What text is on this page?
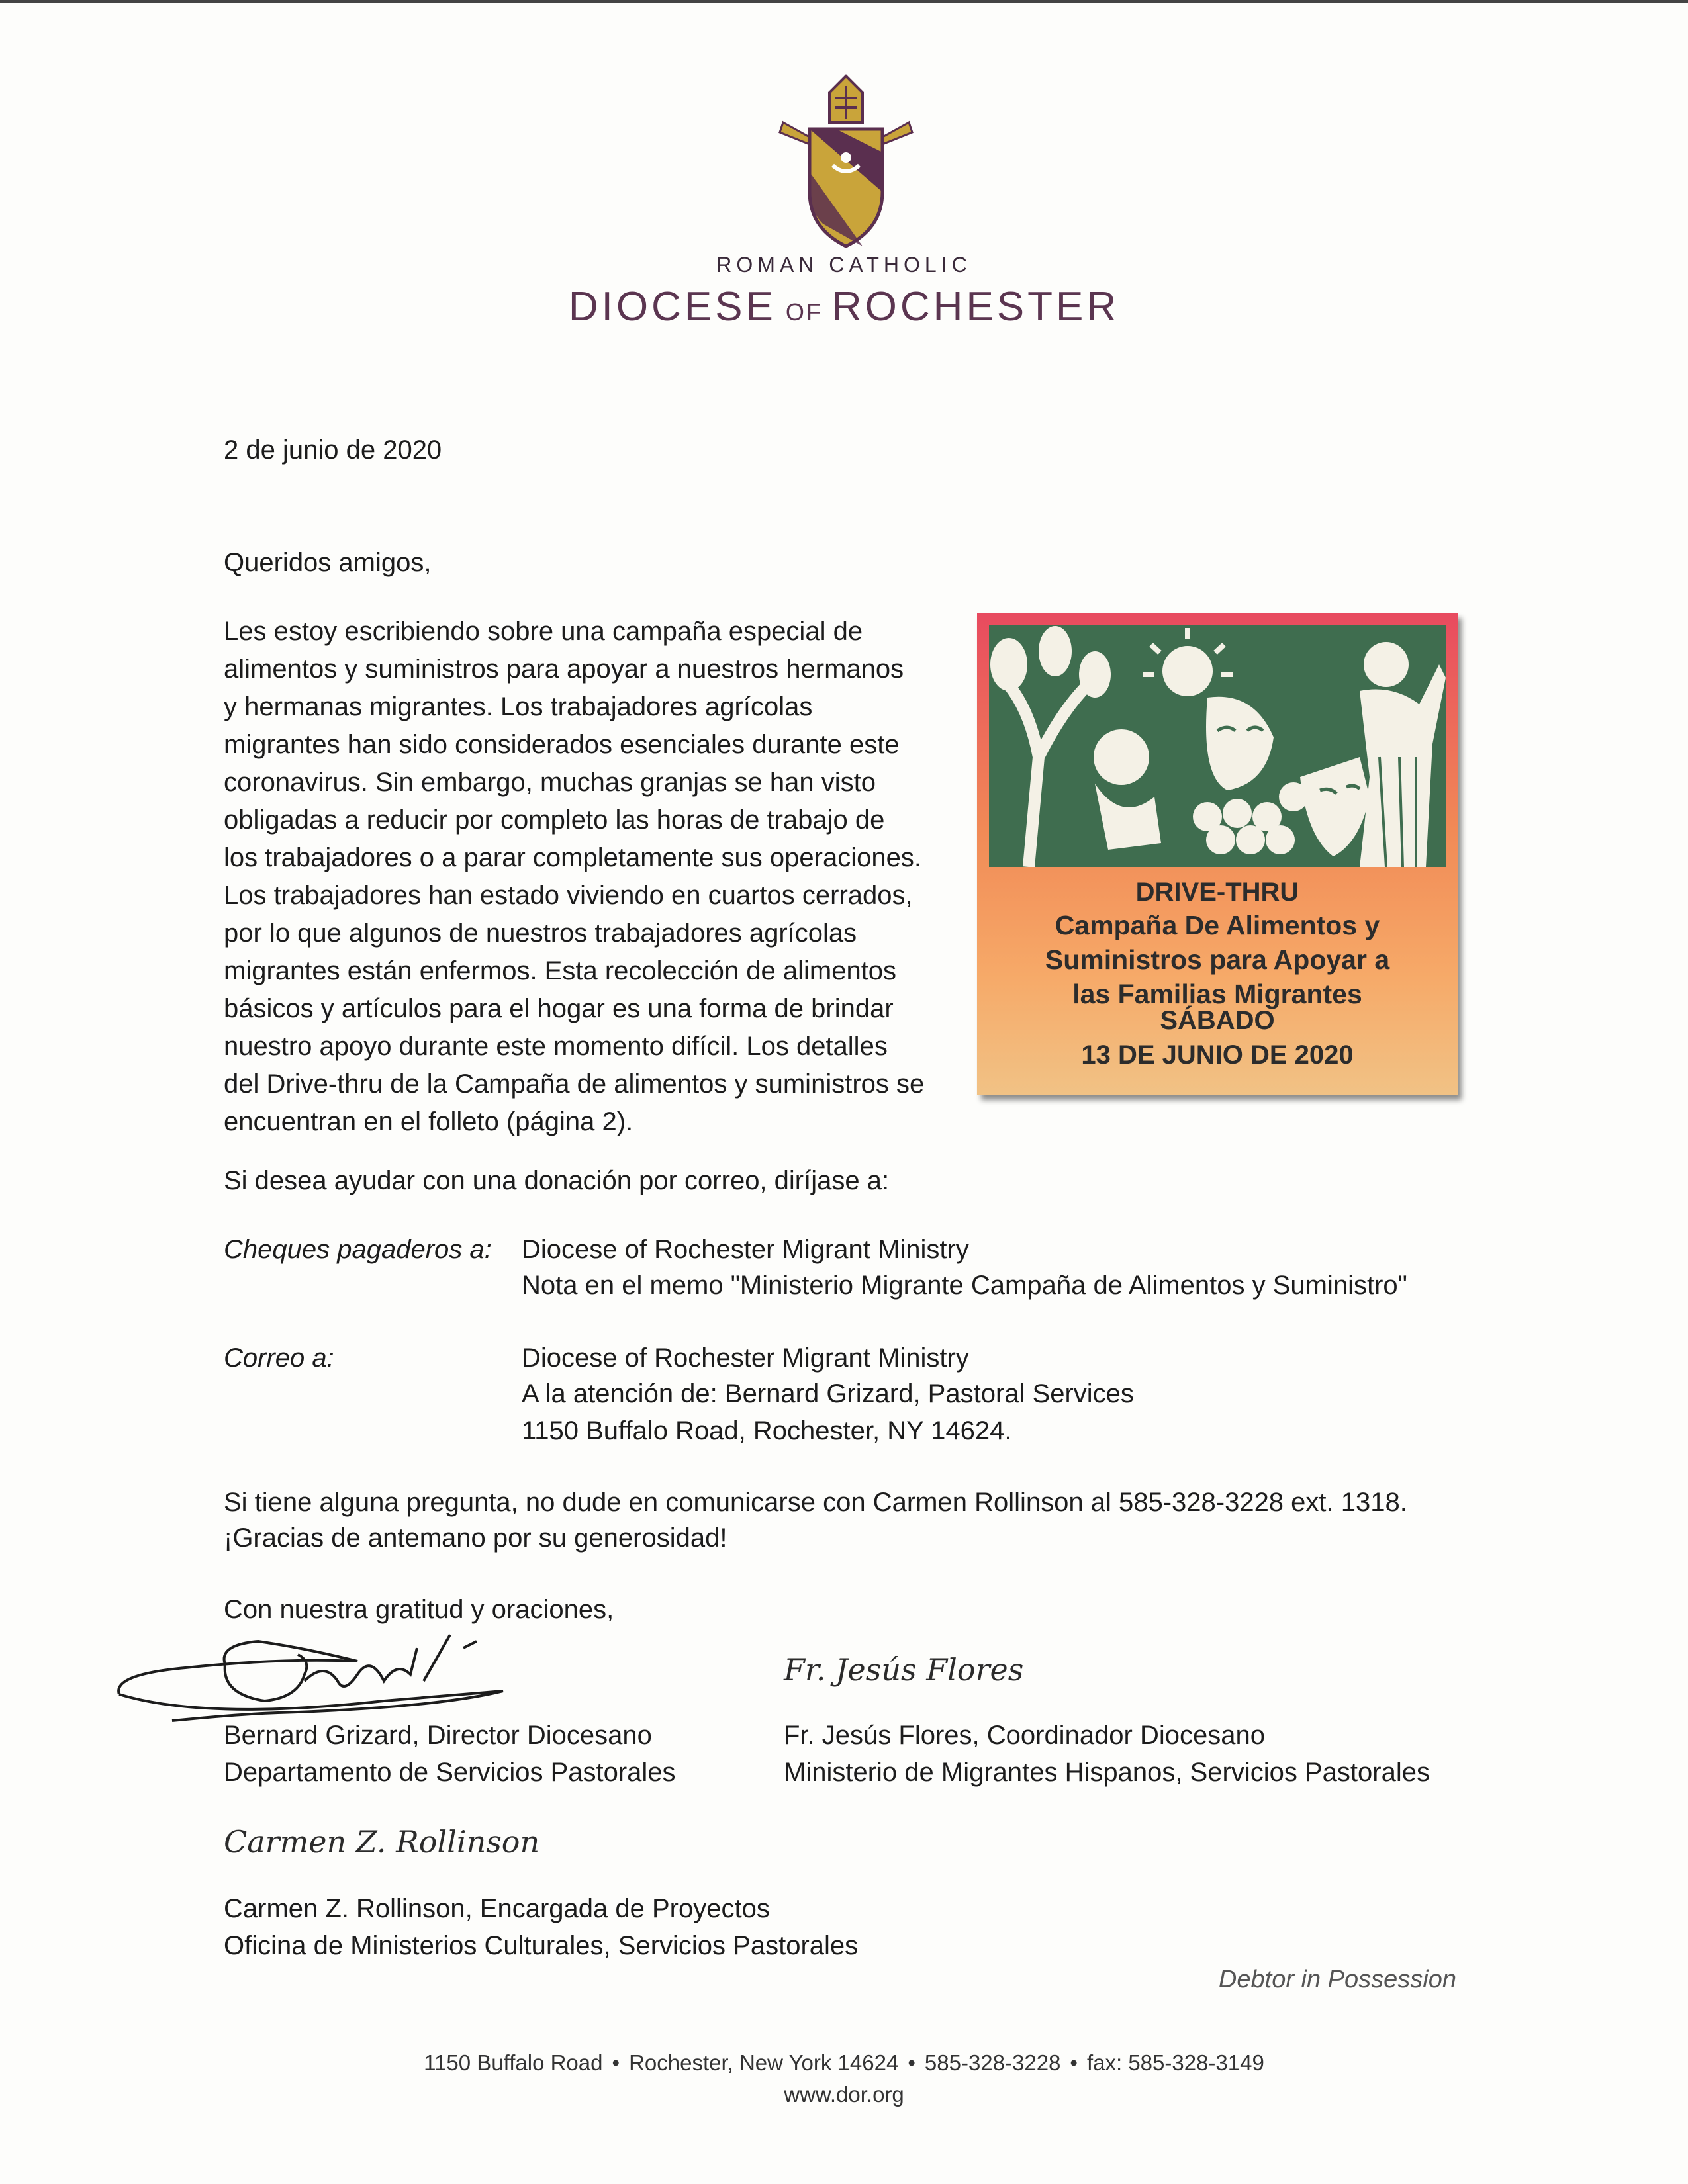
ROMAN CATHOLIC
DIOCESE OF ROCHESTER
2 de junio de 2020
Queridos amigos,
Les estoy escribiendo sobre una campaña especial de
alimentos y suministros para apoyar a nuestros hermanos
y hermanas migrantes. Los trabajadores agrícolas
migrantes han sido considerados esenciales durante este
coronavirus. Sin embargo, muchas granjas se han visto
obligadas a reducir por completo las horas de trabajo de
los trabajadores o a parar completamente sus operaciones.
Los trabajadores han estado viviendo en cuartos cerrados,
por lo que algunos de nuestros trabajadores agrícolas
migrantes están enfermos. Esta recolección de alimentos
básicos y artículos para el hogar es una forma de brindar
nuestro apoyo durante este momento difícil. Los detalles
del Drive-thru de la Campaña de alimentos y suministros se
encuentran en el folleto (página 2).
DRIVE-THRU
Campaña De Alimentos y
Suministros para Apoyar a
las Familias Migrantes
SÁBADO
13 DE JUNIO DE 2020
Si desea ayudar con una donación por correo, diríjase a:
Cheques pagaderos a: Diocese of Rochester Migrant Ministry
Nota en el memo "Ministerio Migrante Campaña de Alimentos y Suministro"
Correo a:	Diocese of Rochester Migrant Ministry
A la atención de: Bernard Grizard, Pastoral Services
1150 Buffalo Road, Rochester, NY 14624.
Si tiene alguna pregunta, no dude en comunicarse con Carmen Rollinson al 585-328-3228 ext. 1318.
¡Gracias de antemano por su generosidad!
Con nuestra gratitud y oraciones,
Bernard Grizard, Director Diocesano
Departamento de Servicios Pastorales
Fr. Jesús Flores
Fr. Jesús Flores, Coordinador Diocesano
Ministerio de Migrantes Hispanos, Servicios Pastorales
Carmen Z. Rollinson
Carmen Z. Rollinson, Encargada de Proyectos
Oficina de Ministerios Culturales, Servicios Pastorales
Debtor in Possession
1150 Buffalo Road • Rochester, New York 14624 • 585-328-3228 • fax: 585-328-3149
www.dor.org
